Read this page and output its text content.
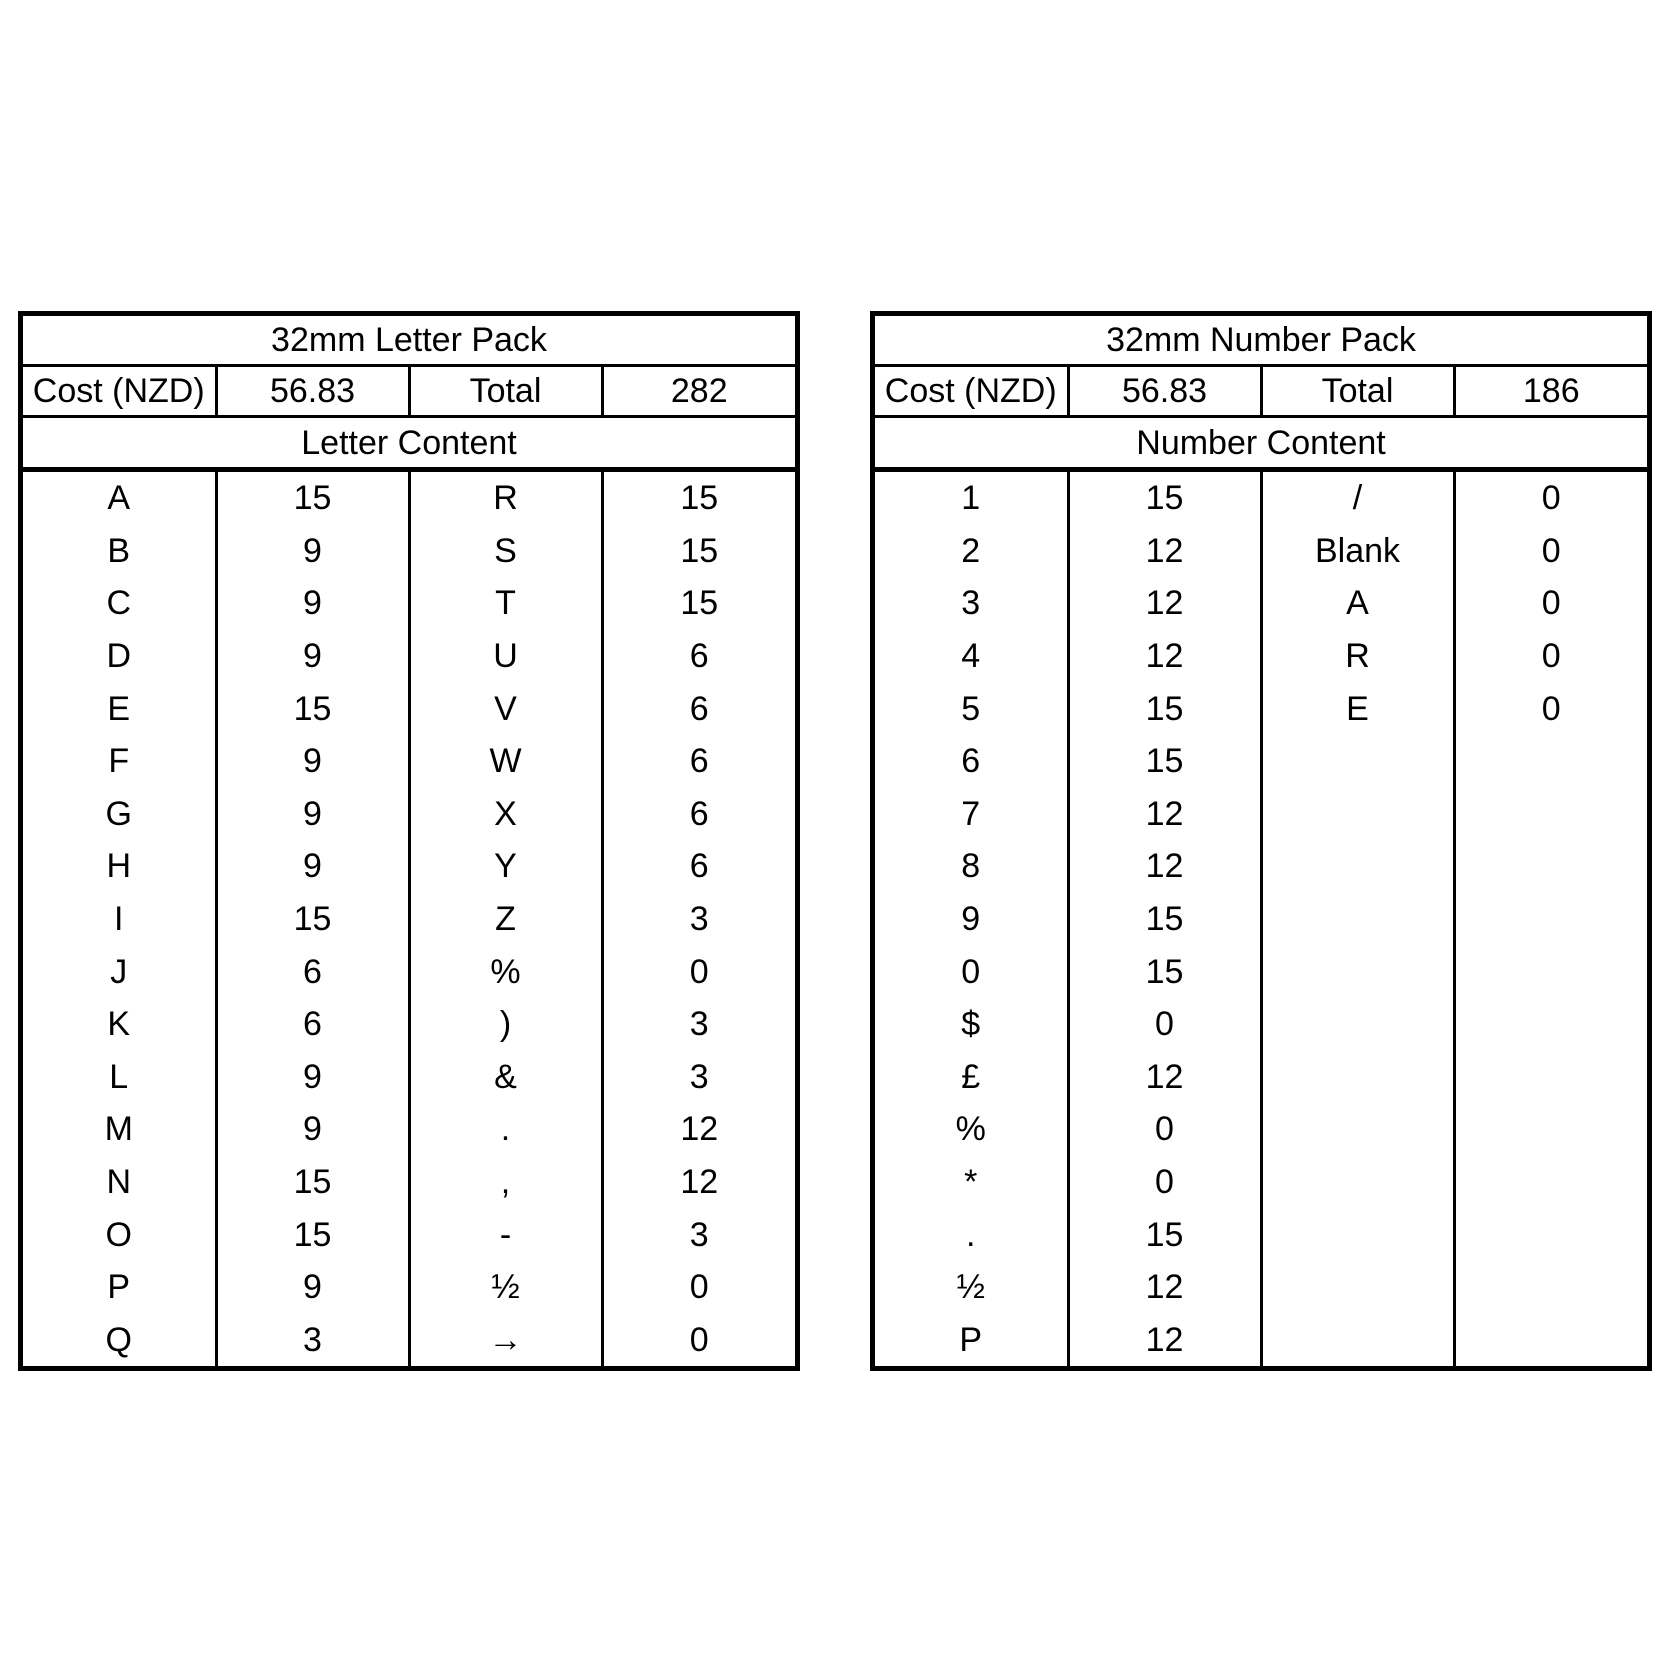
32mm Letter Pack
Cost (NZD)	56.83	Total	282
Letter Content
A	15	R	15
B	9	S	15
C	9	T	15
D	9	U	6
E	15	V	6
F	9	W	6
G	9	X	6
H	9	Y	6
I	15	Z	3
J	6	%	0
K	6	)	3
L	9	&	3
M	9	.	12
N	15	,	12
O	15	-	3
P	9	½	0
Q	3	→	0
32mm Number Pack
Cost (NZD)	56.83	Total	186
Number Content
1	15	/	0
2	12	Blank	0
3	12	A	0
4	12	R	0
5	15	E	0
6	15		
7	12		
8	12		
9	15		
0	15		
$	0		
£	12		
%	0		
*	0		
.	15		
½	12		
P	12		
